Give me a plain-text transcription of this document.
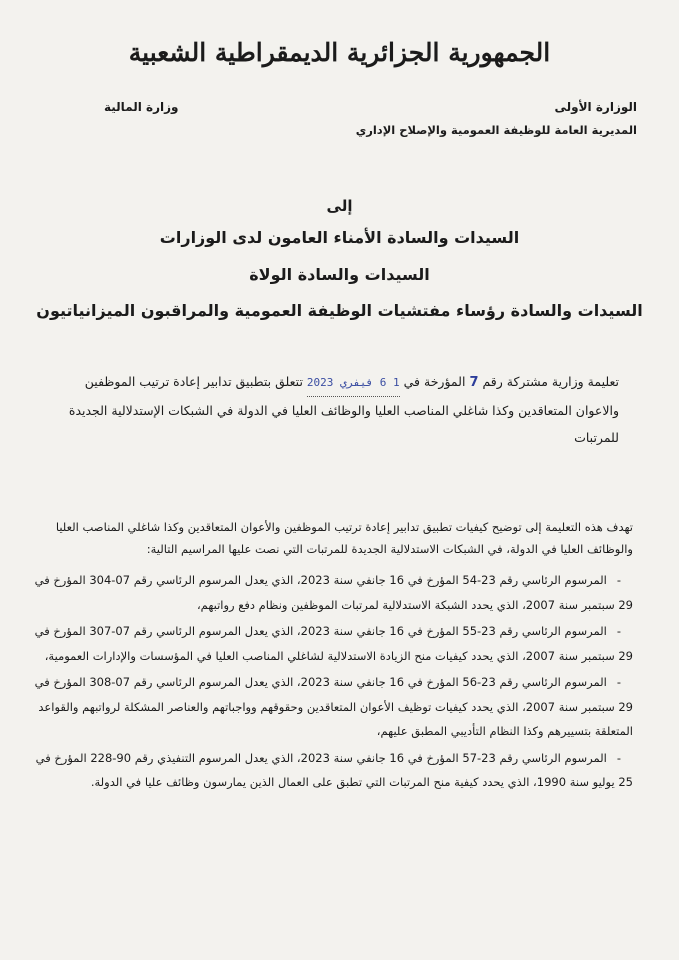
الجمهورية الجزائرية الديمقراطية الشعبية
الوزارة الأولى
المديرية العامة للوظيفة العمومية والإصلاح الإداري
وزارة المالية
إلى
السيدات والسادة الأمناء العامون لدى الوزارات
السيدات والسادة الولاة
السيدات والسادة رؤساء مفتشيات الوظيفة العمومية والمراقبون الميزانياتيون
تعليمة وزارية مشتركة رقم 7 المؤرخة في 1 6 فيفري 2023 تتعلق بتطبيق تدابير إعادة ترتيب الموظفين والاعوان المتعاقدين وكذا شاغلي المناصب العليا والوظائف العليا في الدولة في الشبكات الإستدلالية الجديدة للمرتبات

تهدف هذه التعليمة إلى توضيح كيفيات تطبيق تدابير إعادة ترتيب الموظفين والأعوان المتعاقدين وكذا شاغلي المناصب العليا والوظائف العليا في الدولة، في الشبكات الاستدلالية الجديدة للمرتبات التي نصت عليها المراسيم التالية:

-المرسوم الرئاسي رقم 23-54 المؤرخ في 16 جانفي سنة 2023، الذي يعدل المرسوم الرئاسي رقم 07-304 المؤرخ في 29 سبتمبر سنة 2007، الذي يحدد الشبكة الاستدلالية لمرتبات الموظفين ونظام دفع رواتبهم،
-المرسوم الرئاسي رقم 23-55 المؤرخ في 16 جانفي سنة 2023، الذي يعدل المرسوم الرئاسي رقم 07-307 المؤرخ في 29 سبتمبر سنة 2007، الذي يحدد كيفيات منح الزيادة الاستدلالية لشاغلي المناصب العليا في المؤسسات والإدارات العمومية،
-المرسوم الرئاسي رقم 23-56 المؤرخ في 16 جانفي سنة 2023، الذي يعدل المرسوم الرئاسي رقم 07-308 المؤرخ في 29 سبتمبر سنة 2007، الذي يحدد كيفيات توظيف الأعوان المتعاقدين وحقوقهم وواجباتهم والعناصر المشكلة لرواتبهم والقواعد المتعلقة بتسييرهم وكذا النظام التأديبي المطبق عليهم،
-المرسوم الرئاسي رقم 23-57 المؤرخ في 16 جانفي سنة 2023، الذي يعدل المرسوم التنفيذي رقم 90-228 المؤرخ في 25 يوليو سنة 1990، الذي يحدد كيفية منح المرتبات التي تطبق على العمال الذين يمارسون وظائف عليا في الدولة.
